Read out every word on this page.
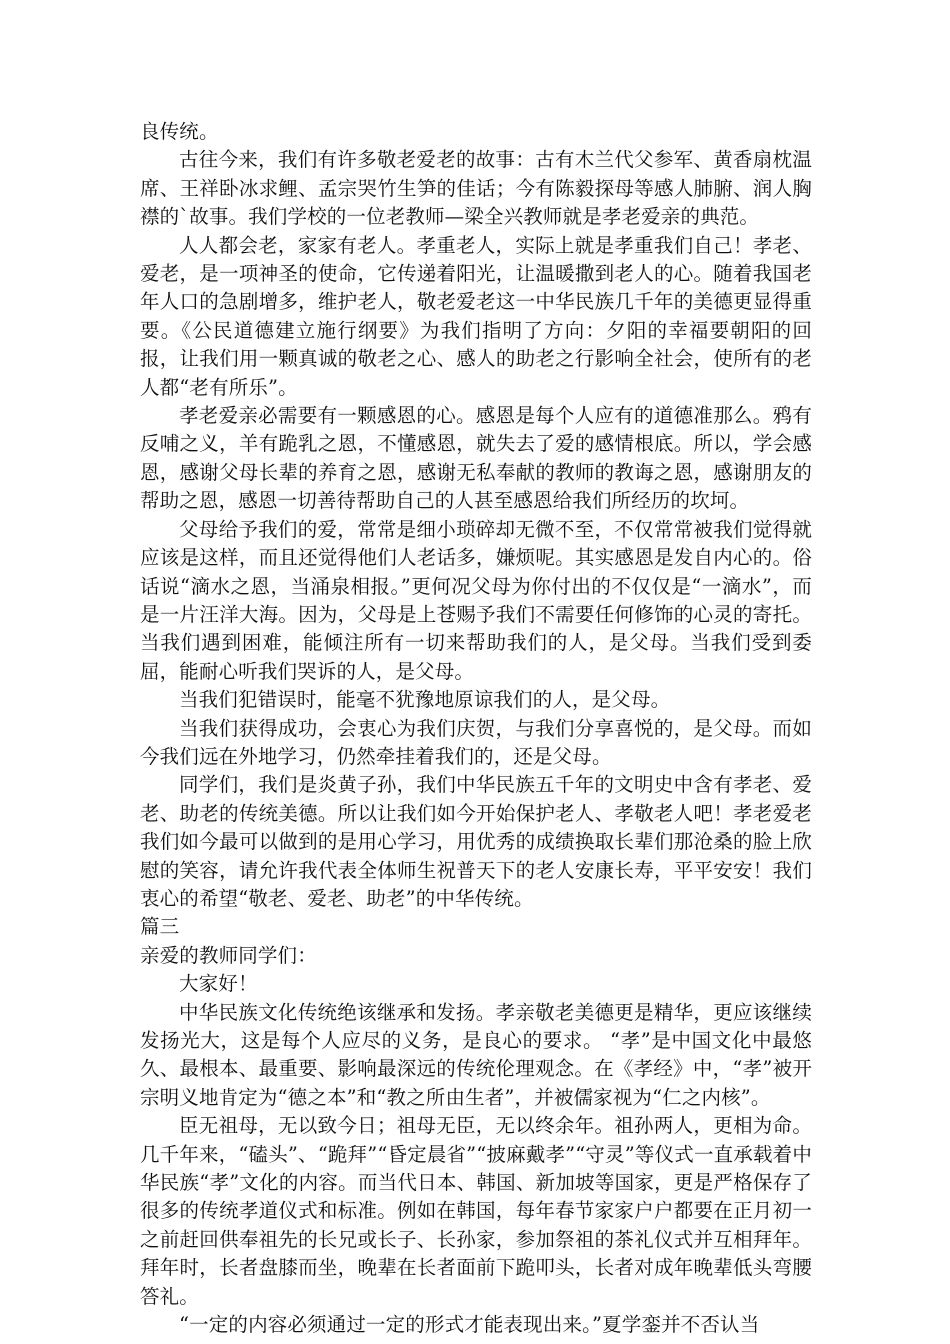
良传统。

古往今来，我们有许多敬老爱老的故事：古有木兰代父参军、黄香扇枕温席、王祥卧冰求鲤、孟宗哭竹生笋的佳话；今有陈毅探母等感人肺腑、润人胸襟的`故事。我们学校的一位老教师—梁全兴教师就是孝老爱亲的典范。

人人都会老，家家有老人。孝重老人，实际上就是孝重我们自己！孝老、爱老，是一项神圣的使命，它传递着阳光，让温暖撒到老人的心。随着我国老年人口的急剧增多，维护老人，敬老爱老这一中华民族几千年的美德更显得重要。《公民道德建立施行纲要》为我们指明了方向：夕阳的幸福要朝阳的回报，让我们用一颗真诚的敬老之心、感人的助老之行影响全社会，使所有的老人都“老有所乐”。

孝老爱亲必需要有一颗感恩的心。感恩是每个人应有的道德准那么。鸦有反哺之义，羊有跪乳之恩，不懂感恩，就失去了爱的感情根底。所以，学会感恩，感谢父母长辈的养育之恩，感谢无私奉献的教师的教诲之恩，感谢朋友的帮助之恩，感恩一切善待帮助自己的人甚至感恩给我们所经历的坎坷。

父母给予我们的爱，常常是细小琐碎却无微不至，不仅常常被我们觉得就应该是这样，而且还觉得他们人老话多，嫌烦呢。其实感恩是发自内心的。俗话说“滴水之恩，当涌泉相报。”更何况父母为你付出的不仅仅是“一滴水”，而是一片汪洋大海。因为，父母是上苍赐予我们不需要任何修饰的心灵的寄托。当我们遇到困难，能倾注所有一切来帮助我们的人，是父母。当我们受到委屈，能耐心听我们哭诉的人，是父母。

当我们犯错误时，能毫不犹豫地原谅我们的人，是父母。

当我们获得成功，会衷心为我们庆贺，与我们分享喜悦的，是父母。而如今我们远在外地学习，仍然牵挂着我们的，还是父母。

同学们，我们是炎黄子孙，我们中华民族五千年的文明史中含有孝老、爱老、助老的传统美德。所以让我们如今开始保护老人、孝敬老人吧！孝老爱老我们如今最可以做到的是用心学习，用优秀的成绩换取长辈们那沧桑的脸上欣慰的笑容，请允许我代表全体师生祝普天下的老人安康长寿，平平安安！我们衷心的希望“敬老、爱老、助老”的中华传统。

篇三

亲爱的教师同学们：

大家好！

中华民族文化传统绝该继承和发扬。孝亲敬老美德更是精华，更应该继续发扬光大，这是每个人应尽的义务，是良心的要求。 “孝”是中国文化中最悠久、最根本、最重要、影响最深远的传统伦理观念。在《孝经》中，“孝”被开宗明义地肯定为“德之本”和“教之所由生者”，并被儒家视为“仁之内核”。

臣无祖母，无以致今日；祖母无臣，无以终余年。祖孙两人，更相为命。几千年来，“磕头”、“跪拜”“昏定晨省”“披麻戴孝”“守灵”等仪式一直承载着中华民族“孝”文化的内容。而当代日本、韩国、新加坡等国家，更是严格保存了很多的传统孝道仪式和标准。例如在韩国，每年春节家家户户都要在正月初一之前赶回供奉祖先的长兄或长子、长孙家，参加祭祖的茶礼仪式并互相拜年。拜年时，长者盘膝而坐，晚辈在长者面前下跪叩头，长者对成年晚辈低头弯腰答礼。

“一定的内容必须通过一定的形式才能表现出来。”夏学銮并不否认当
